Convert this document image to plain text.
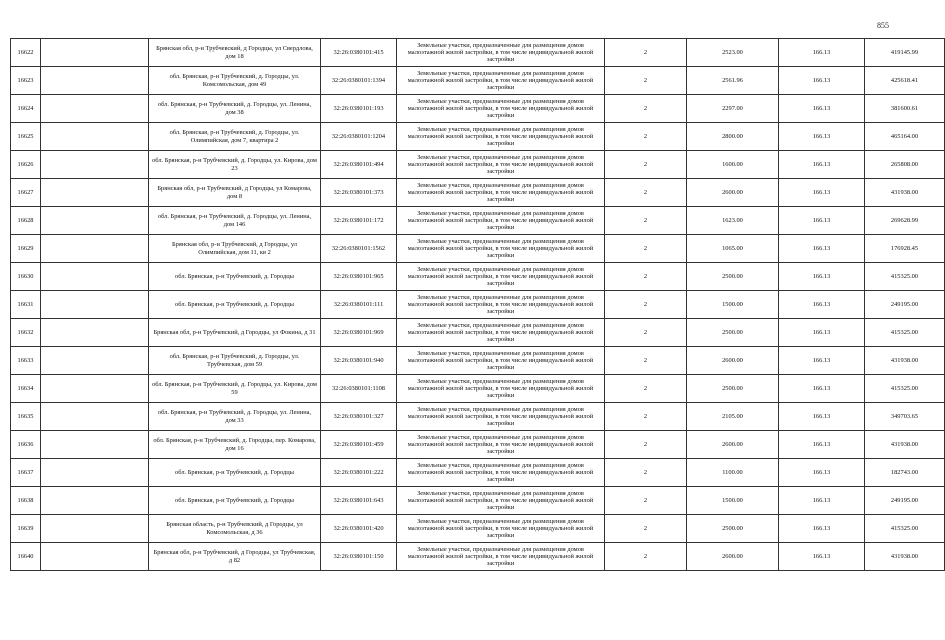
855
16622		Брянская обл, р-н Трубчевский, д Городцы, ул Свердлова, дом 18	32:26:0380101:415	Земельные участки, предназначенные для размещения домов малоэтажной жилой застройки, в том числе индивидуальной жилой застройки	2	2523.00	166.13	419145.99
16623		обл. Брянская, р-н Трубчевский, д. Городцы, ул. Комсомольская, дом 49	32:26:0380101:1394	Земельные участки, предназначенные для размещения домов малоэтажной жилой застройки, в том числе индивидуальной жилой застройки	2	2561.96	166.13	425618.41
16624		обл. Брянская, р-н Трубчевский, д. Городцы, ул. Ленина, дом 38	32:26:0380101:193	Земельные участки, предназначенные для размещения домов малоэтажной жилой застройки, в том числе индивидуальной жилой застройки	2	2297.00	166.13	381600.61
16625		обл. Брянская, р-н Трубчевский, д. Городцы, ул. Олимпийская, дом 7, квартира 2	32:26:0380101:1204	Земельные участки, предназначенные для размещения домов малоэтажной жилой застройки, в том числе индивидуальной жилой застройки	2	2800.00	166.13	465164.00
16626		обл. Брянская, р-н Трубчевский, д. Городцы, ул. Кирова, дом 23	32:26:0380101:494	Земельные участки, предназначенные для размещения домов малоэтажной жилой застройки, в том числе индивидуальной жилой застройки	2	1600.00	166.13	265808.00
16627		Брянская обл, р-н Трубчевский, д Городцы, ул Комарова, дом 8	32:26:0380101:373	Земельные участки, предназначенные для размещения домов малоэтажной жилой застройки, в том числе индивидуальной жилой застройки	2	2600.00	166.13	431938.00
16628		обл. Брянская, р-н Трубчевский, д. Городцы, ул. Ленина, дом 146	32:26:0380101:172	Земельные участки, предназначенные для размещения домов малоэтажной жилой застройки, в том числе индивидуальной жилой застройки	2	1623.00	166.13	269628.99
16629		Брянская обл, р-н Трубчевский, д Городцы, ул Олимпийская, дом 11, кв 2	32:26:0380101:1562	Земельные участки, предназначенные для размещения домов малоэтажной жилой застройки, в том числе индивидуальной жилой застройки	2	1065.00	166.13	176928.45
16630		обл. Брянская, р-н Трубчевский, д. Городцы	32:26:0380101:965	Земельные участки, предназначенные для размещения домов малоэтажной жилой застройки, в том числе индивидуальной жилой застройки	2	2500.00	166.13	415325.00
16631		обл. Брянская, р-н Трубчевский, д. Городцы	32:26:0380101:111	Земельные участки, предназначенные для размещения домов малоэтажной жилой застройки, в том числе индивидуальной жилой застройки	2	1500.00	166.13	249195.00
16632		Брянская обл, р-н Трубчевский, д Городцы, ул Фокина, д 31	32:26:0380101:969	Земельные участки, предназначенные для размещения домов малоэтажной жилой застройки, в том числе индивидуальной жилой застройки	2	2500.00	166.13	415325.00
16633		обл. Брянская, р-н Трубчевский, д. Городцы, ул. Трубчевская, дом 59	32:26:0380101:940	Земельные участки, предназначенные для размещения домов малоэтажной жилой застройки, в том числе индивидуальной жилой застройки	2	2600.00	166.13	431938.00
16634		обл. Брянская, р-н Трубчевский, д. Городцы, ул. Кирова, дом 59	32:26:0380101:1108	Земельные участки, предназначенные для размещения домов малоэтажной жилой застройки, в том числе индивидуальной жилой застройки	2	2500.00	166.13	415325.00
16635		обл. Брянская, р-н Трубчевский, д. Городцы, ул. Ленина, дом 33	32:26:0380101:327	Земельные участки, предназначенные для размещения домов малоэтажной жилой застройки, в том числе индивидуальной жилой застройки	2	2105.00	166.13	349703.65
16636		обл. Брянская, р-н Трубчевский, д. Городцы, пер. Комарова, дом 16	32:26:0380101:459	Земельные участки, предназначенные для размещения домов малоэтажной жилой застройки, в том числе индивидуальной жилой застройки	2	2600.00	166.13	431938.00
16637		обл. Брянская, р-н Трубчевский, д. Городцы	32:26:0380101:222	Земельные участки, предназначенные для размещения домов малоэтажной жилой застройки, в том числе индивидуальной жилой застройки	2	1100.00	166.13	182743.00
16638		обл. Брянская, р-н Трубчевский, д. Городцы	32:26:0380101:643	Земельные участки, предназначенные для размещения домов малоэтажной жилой застройки, в том числе индивидуальной жилой застройки	2	1500.00	166.13	249195.00
16639		Брянская область, р-н Трубчевский, д Городцы, ул Комсомольская, д 36	32:26:0380101:420	Земельные участки, предназначенные для размещения домов малоэтажной жилой застройки, в том числе индивидуальной жилой застройки	2	2500.00	166.13	415325.00
16640		Брянская обл, р-н Трубчевский, д Городцы, ул Трубчевская, д 82	32:26:0380101:150	Земельные участки, предназначенные для размещения домов малоэтажной жилой застройки, в том числе индивидуальной жилой застройки	2	2600.00	166.13	431938.00
